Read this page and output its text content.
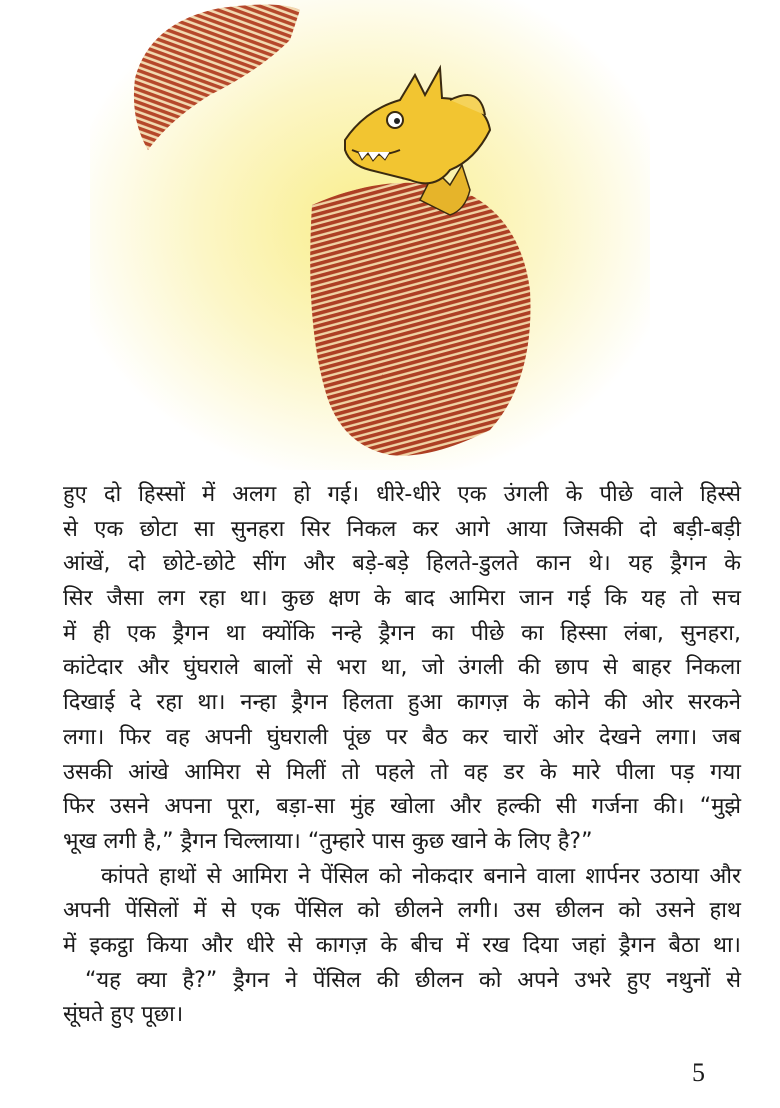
हुए दो हिस्सों में अलग हो गई। धीरे-धीरे एक उंगली के पीछे वाले हिस्से
से एक छोटा सा सुनहरा सिर निकल कर आगे आया जिसकी दो बड़ी-बड़ी
आंखें, दो छोटे-छोटे सींग और बड़े-बड़े हिलते-डुलते कान थे। यह ड्रैगन के
सिर जैसा लग रहा था। कुछ क्षण के बाद आमिरा जान गई कि यह तो सच
में ही एक ड्रैगन था क्योंकि नन्हे ड्रैगन का पीछे का हिस्सा लंबा, सुनहरा,
कांटेदार और घुंघराले बालों से भरा था, जो उंगली की छाप से बाहर निकला
दिखाई दे रहा था। नन्हा ड्रैगन हिलता हुआ कागज़ के कोने की ओर सरकने
लगा। फिर वह अपनी घुंघराली पूंछ पर बैठ कर चारों ओर देखने लगा। जब
उसकी आंखे आमिरा से मिलीं तो पहले तो वह डर के मारे पीला पड़ गया
फिर उसने अपना पूरा, बड़ा-सा मुंह खोला और हल्की सी गर्जना की। “मुझे
भूख लगी है,” ड्रैगन चिल्लाया। “तुम्हारे पास कुछ खाने के लिए है?”
कांपते हाथों से आमिरा ने पेंसिल को नोकदार बनाने वाला शार्पनर उठाया और
अपनी पेंसिलों में से एक पेंसिल को छीलने लगी। उस छीलन को उसने हाथ
में इकट्ठा किया और धीरे से कागज़ के बीच में रख दिया जहां ड्रैगन बैठा था।
“यह क्या है?” ड्रैगन ने पेंसिल की छीलन को अपने उभरे हुए नथुनों से
सूंघते हुए पूछा।
5
